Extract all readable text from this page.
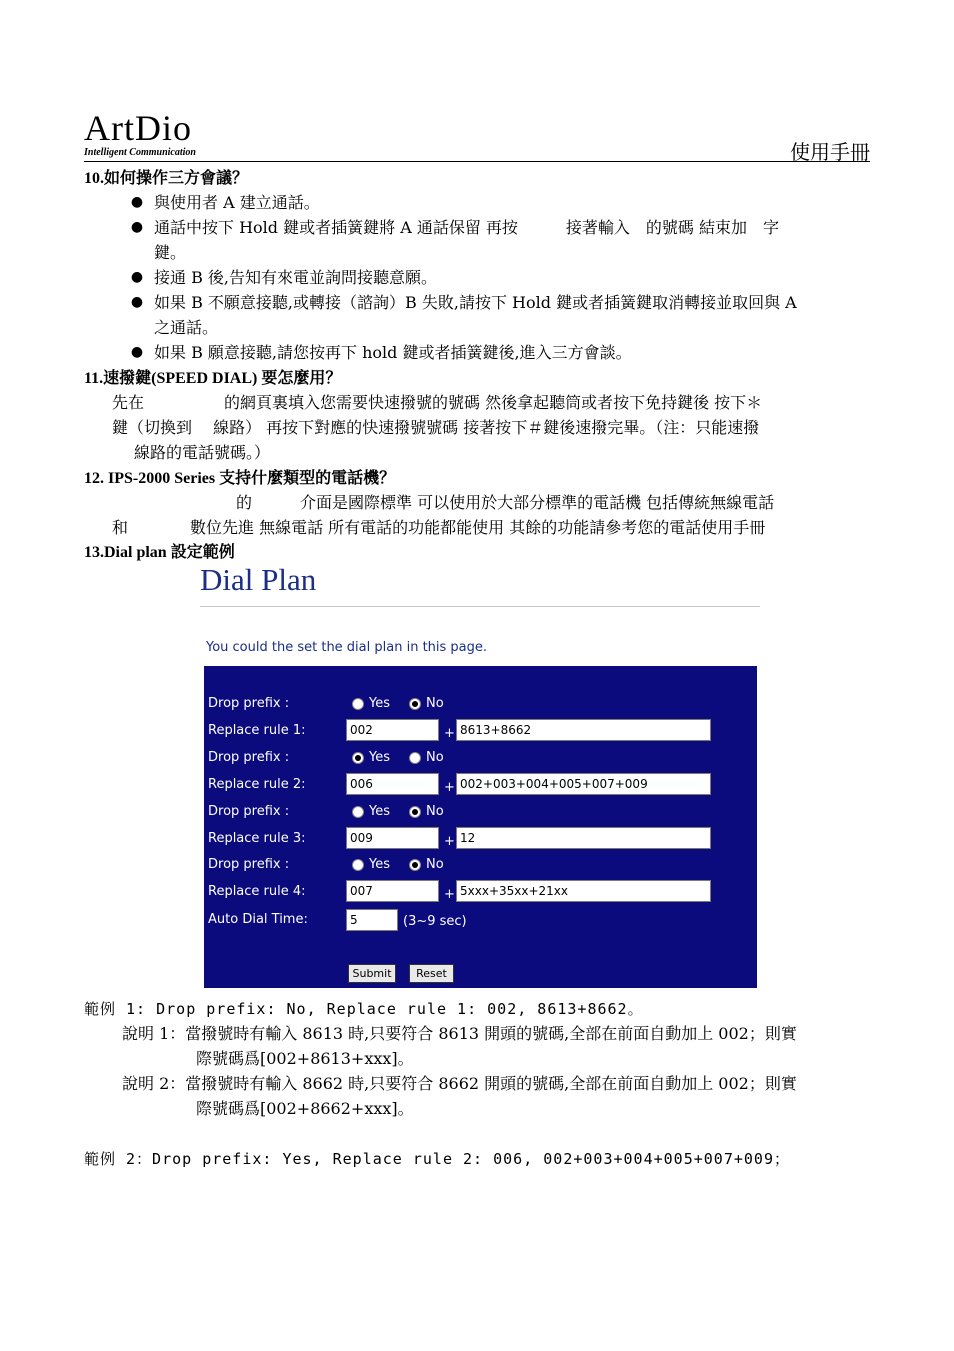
ArtDio
Intelligent Communication	使用手冊
10.如何操作三方會議？
● 與使用者 A 建立通話。
● 通話中按下 Hold 鍵或者插簧鍵將 A 通話保留 再按　　　接著輸入　的號碼 結束加　字
鍵。
● 接通 B 後,告知有來電並詢問接聽意願。
● 如果 B 不願意接聽,或轉接（諮詢）B 失敗,請按下 Hold 鍵或者插簧鍵取消轉接並取回與 A
之通話。
● 如果 B 願意接聽,請您按再下 hold 鍵或者插簧鍵後,進入三方會談。
11.速撥鍵(SPEED DIAL) 要怎麼用？
先在　　　　　的網頁裏填入您需要快速撥號的號碼 然後拿起聽筒或者按下免持鍵後 按下＊
鍵（切換到　 線路） 再按下對應的快速撥號號碼 接著按下＃鍵後速撥完畢。（注：只能速撥
線路的電話號碼。）
12. IPS-2000 Series 支持什麼類型的電話機？
的　　　介面是國際標準 可以使用於大部分標準的電話機 包括傳統無線電話
和	數位先進 無線電話 所有電話的功能都能使用 其餘的功能請參考您的電話使用手冊
13.Dial plan 設定範例
Dial Plan
You could the set the dial plan in this page.
Drop prefix :	Yes	No
Replace rule 1:	002	+ 8613+8662
Drop prefix :	Yes	No
Replace rule 2:	006	+ 002+003+004+005+007+009
Drop prefix :	Yes	No
Replace rule 3:	009	+ 12
Drop prefix :	Yes	No
Replace rule 4:	007	+ 5xxx+35xx+21xx
Auto Dial Time:	5	(3~9 sec)
Submit	Reset
範例 1: Drop prefix: No, Replace rule 1: 002, 8613+8662。
說明 1：當撥號時有輸入 8613 時,只要符合 8613 開頭的號碼,全部在前面自動加上 002；則實
際號碼爲[002+8613+xxx]。
說明 2：當撥號時有輸入 8662 時,只要符合 8662 開頭的號碼,全部在前面自動加上 002；則實
際號碼爲[002+8662+xxx]。
範例 2：Drop prefix: Yes, Replace rule 2: 006, 002+003+004+005+007+009；
